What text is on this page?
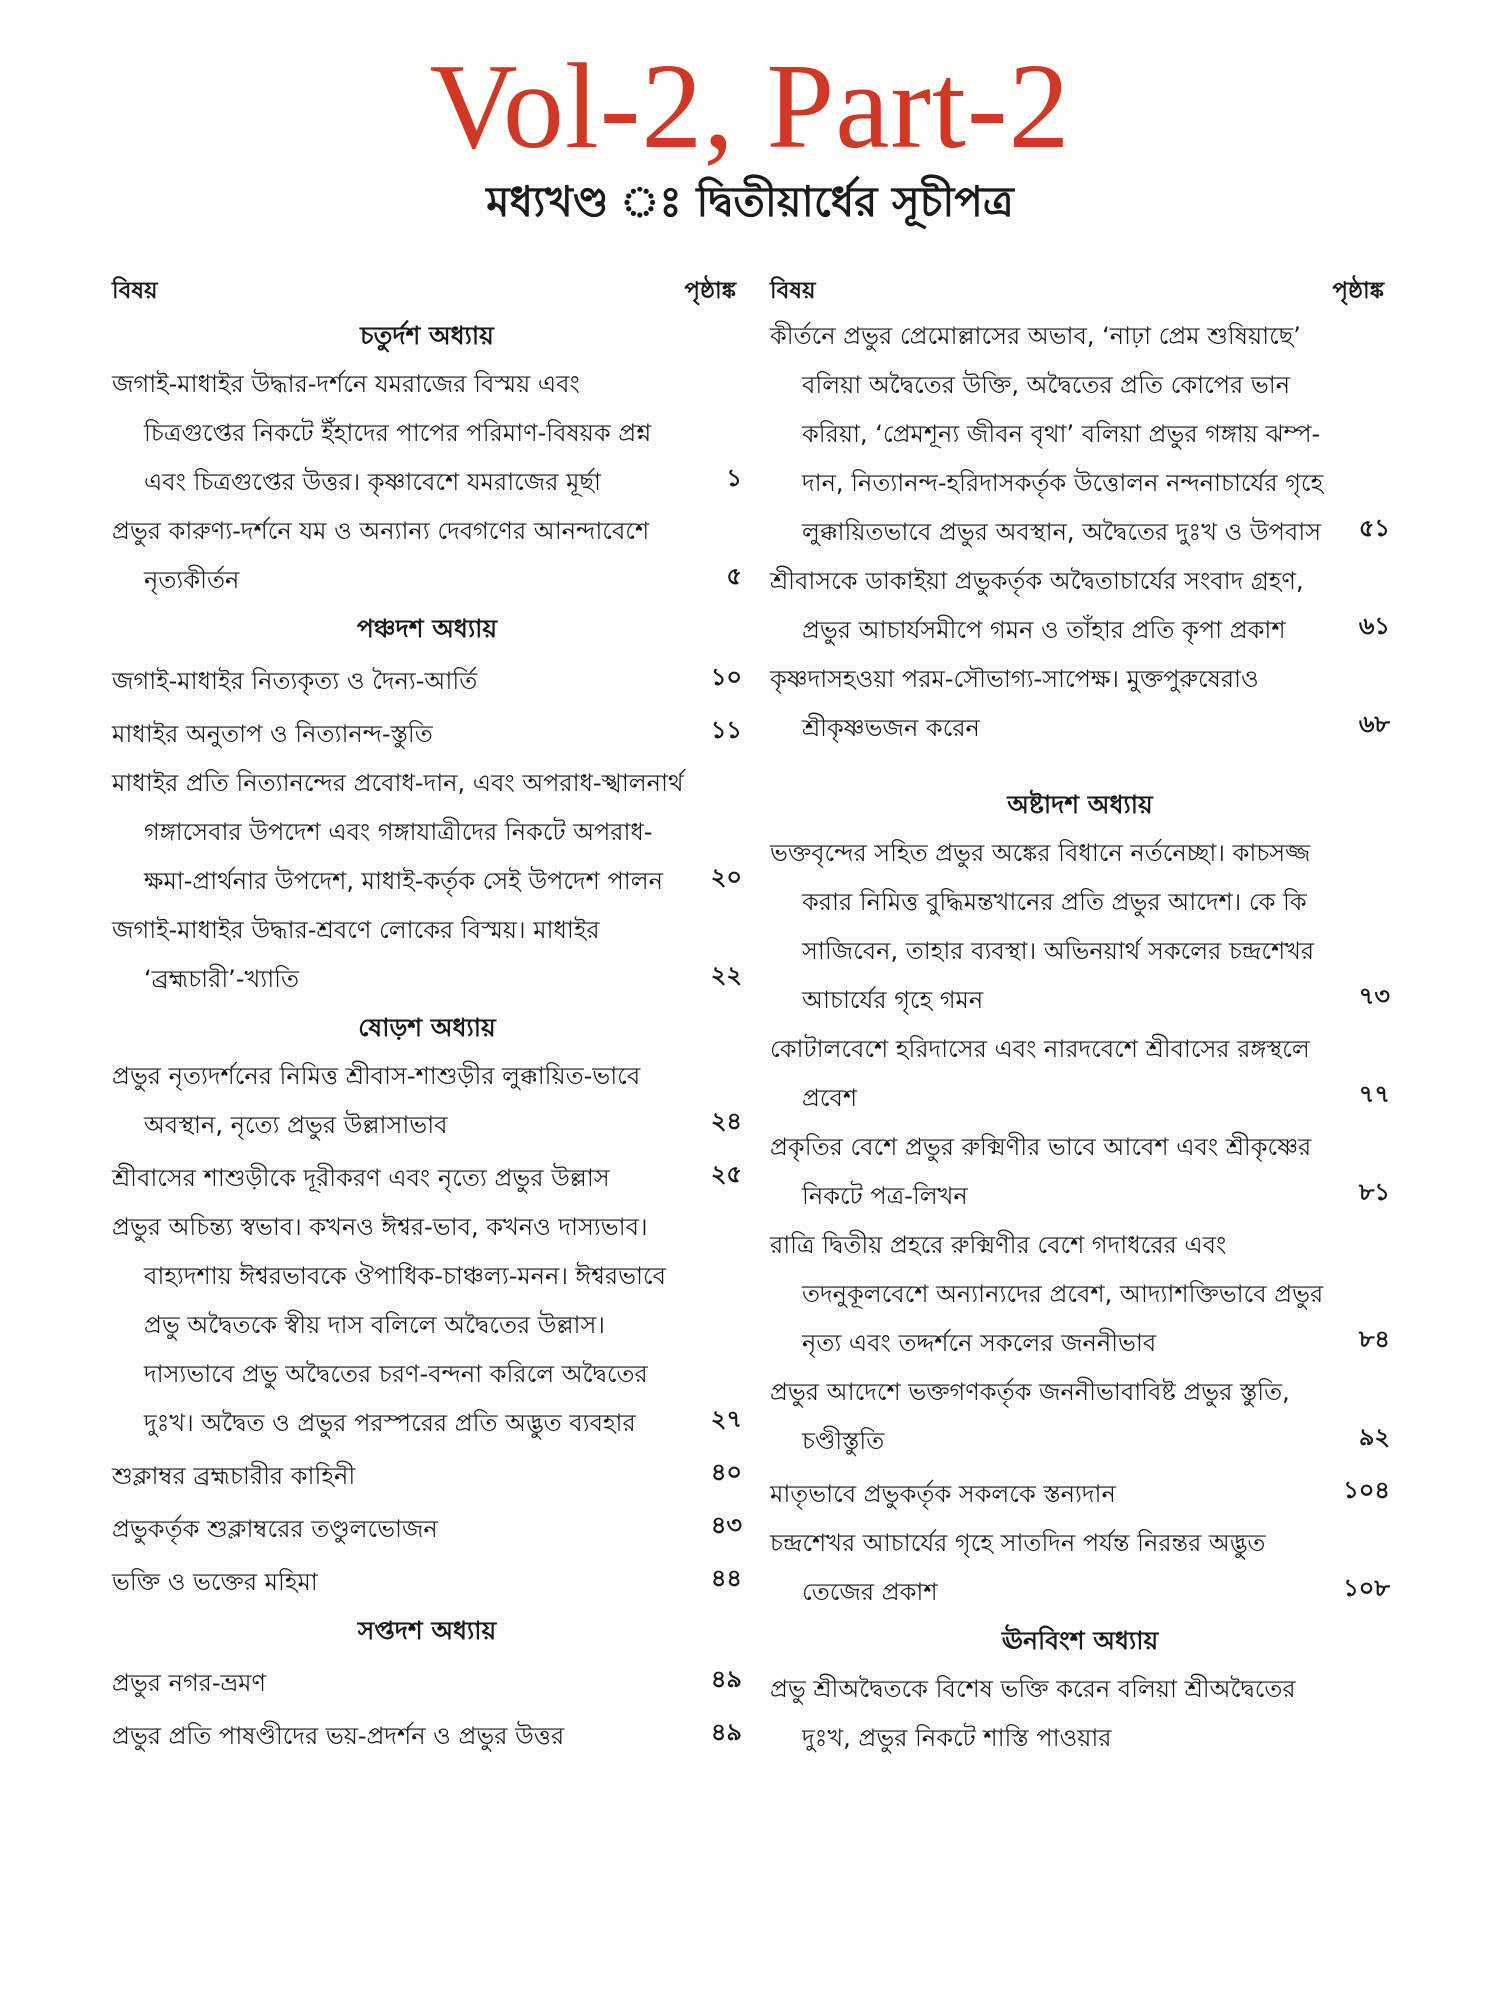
Vol-2, Part-2
মধ্যখণ্ড ঃ দ্বিতীয়ার্ধের সূচীপত্র
বিষয়	পৃষ্ঠাঙ্ক
চতুর্দশ অধ্যায়
জগাই-মাধাইর উদ্ধার-দর্শনে যমরাজের বিস্ময় এবং চিত্রগুপ্তের নিকটে ইঁহাদের পাপের পরিমাণ-বিষয়ক প্রশ্ন এবং চিত্রগুপ্তের উত্তর। কৃষ্ণাবেশে যমরাজের মূর্ছা	১
প্রভুর কারুণ্য-দর্শনে যম ও অন্যান্য দেবগণের আনন্দাবেশে নৃত্যকীর্তন	৫
পঞ্চদশ অধ্যায়
জগাই-মাধাইর নিত্যকৃত্য ও দৈন্য-আর্তি	১০
মাধাইর অনুতাপ ও নিত্যানন্দ-স্তুতি	১১
মাধাইর প্রতি নিত্যানন্দের প্রবোধ-দান, এবং অপরাধ-স্খালনার্থ গঙ্গাসেবার উপদেশ এবং গঙ্গাযাত্রীদের নিকটে অপরাধ-ক্ষমা-প্রার্থনার উপদেশ, মাধাই-কর্তৃক সেই উপদেশ পালন	২০
জগাই-মাধাইর উদ্ধার-শ্রবণে লোকের বিস্ময়। মাধাইর ‘ব্রহ্মচারী’-খ্যাতি	২২
ষোড়শ অধ্যায়
প্রভুর নৃত্যদর্শনের নিমিত্ত শ্রীবাস-শাশুড়ীর লুক্কায়িত-ভাবে অবস্থান, নৃত্যে প্রভুর উল্লাসাভাব	২৪
শ্রীবাসের শাশুড়ীকে দূরীকরণ এবং নৃত্যে প্রভুর উল্লাস	২৫
প্রভুর অচিন্ত্য স্বভাব। কখনও ঈশ্বর-ভাব, কখনও দাস্যভাব। বাহ্যদশায় ঈশ্বরভাবকে ঔপাধিক-চাঞ্চল্য-মনন। ঈশ্বরভাবে প্রভু অদ্বৈতকে স্বীয় দাস বলিলে অদ্বৈতের উল্লাস। দাস্যভাবে প্রভু অদ্বৈতের চরণ-বন্দনা করিলে অদ্বৈতের দুঃখ। অদ্বৈত ও প্রভুর পরস্পরের প্রতি অদ্ভুত ব্যবহার	২৭
শুক্লাম্বর ব্রহ্মচারীর কাহিনী	৪০
প্রভুকর্তৃক শুক্লাম্বরের তণ্ডুলভোজন	৪৩
ভক্তি ও ভক্তের মহিমা	৪৪
সপ্তদশ অধ্যায়
প্রভুর নগর-ভ্রমণ	৪৯
প্রভুর প্রতি পাষণ্ডীদের ভয়-প্রদর্শন ও প্রভুর উত্তর	৪৯
বিষয়	পৃষ্ঠাঙ্ক
কীর্তনে প্রভুর প্রেমোল্লাসের অভাব, ‘নাঢ়া প্রেম শুষিয়াছে’ বলিয়া অদ্বৈতের উক্তি, অদ্বৈতের প্রতি কোপের ভান করিয়া, ‘প্রেমশূন্য জীবন বৃথা’ বলিয়া প্রভুর গঙ্গায় ঝম্প-দান, নিত্যানন্দ-হরিদাসকর্তৃক উত্তোলন নন্দনাচার্যের গৃহে লুক্কায়িতভাবে প্রভুর অবস্থান, অদ্বৈতের দুঃখ ও উপবাস	৫১
শ্রীবাসকে ডাকাইয়া প্রভুকর্তৃক অদ্বৈতাচার্যের সংবাদ গ্রহণ, প্রভুর আচার্যসমীপে গমন ও তাঁহার প্রতি কৃপা প্রকাশ	৬১
কৃষ্ণদাসহওয়া পরম-সৌভাগ্য-সাপেক্ষ। মুক্তপুরুষেরাও শ্রীকৃষ্ণভজন করেন	৬৮
অষ্টাদশ অধ্যায়
ভক্তবৃন্দের সহিত প্রভুর অঙ্কের বিধানে নর্তনেচ্ছা। কাচসজ্জ করার নিমিত্ত বুদ্ধিমন্তখানের প্রতি প্রভুর আদেশ। কে কি সাজিবেন, তাহার ব্যবস্থা। অভিনয়ার্থ সকলের চন্দ্রশেখর আচার্যের গৃহে গমন	৭৩
কোটালবেশে হরিদাসের এবং নারদবেশে শ্রীবাসের রঙ্গস্থলে প্রবেশ	৭৭
প্রকৃতির বেশে প্রভুর রুক্মিণীর ভাবে আবেশ এবং শ্রীকৃষ্ণের নিকটে পত্র-লিখন	৮১
রাত্রি দ্বিতীয় প্রহরে রুক্মিণীর বেশে গদাধরের এবং তদনুকূলবেশে অন্যান্যদের প্রবেশ, আদ্যাশক্তিভাবে প্রভুর নৃত্য এবং তদ্দর্শনে সকলের জননীভাব	৮৪
প্রভুর আদেশে ভক্তগণকর্তৃক জননীভাবাবিষ্ট প্রভুর স্তুতি, চণ্ডীস্তুতি	৯২
মাতৃভাবে প্রভুকর্তৃক সকলকে স্তন্যদান	১০৪
চন্দ্রশেখর আচার্যের গৃহে সাতদিন পর্যন্ত নিরন্তর অদ্ভুত তেজের প্রকাশ	১০৮
ঊনবিংশ অধ্যায়
প্রভু শ্রীঅদ্বৈতকে বিশেষ ভক্তি করেন বলিয়া শ্রীঅদ্বৈতের দুঃখ, প্রভুর নিকটে শাস্তি পাওয়ার
